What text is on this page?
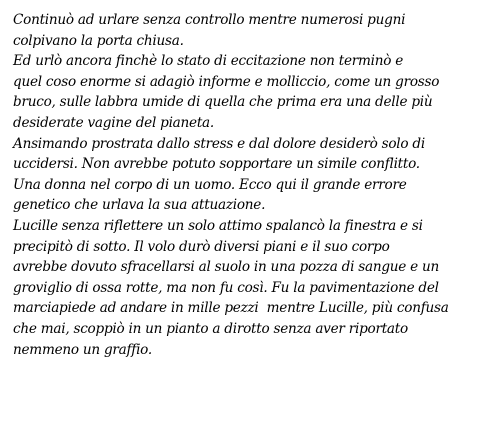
Continuò ad urlare senza controllo mentre numerosi pugni
colpivano la porta chiusa.
Ed urlò ancora finchè lo stato di eccitazione non terminò e
quel coso enorme si adagiò informe e molliccio, come un grosso
bruco, sulle labbra umide di quella che prima era una delle più
desiderate vagine del pianeta.
Ansimando prostrata dallo stress e dal dolore desiderò solo di
uccidersi. Non avrebbe potuto sopportare un simile conflitto.
Una donna nel corpo di un uomo. Ecco qui il grande errore
genetico che urlava la sua attuazione.
Lucille senza riflettere un solo attimo spalancò la finestra e si
precipitò di sotto. Il volo durò diversi piani e il suo corpo
avrebbe dovuto sfracellarsi al suolo in una pozza di sangue e un
groviglio di ossa rotte, ma non fu così. Fu la pavimentazione del
marciapiede ad andare in mille pezzi  mentre Lucille, più confusa
che mai, scoppiò in un pianto a dirotto senza aver riportato
nemmeno un graffio.
